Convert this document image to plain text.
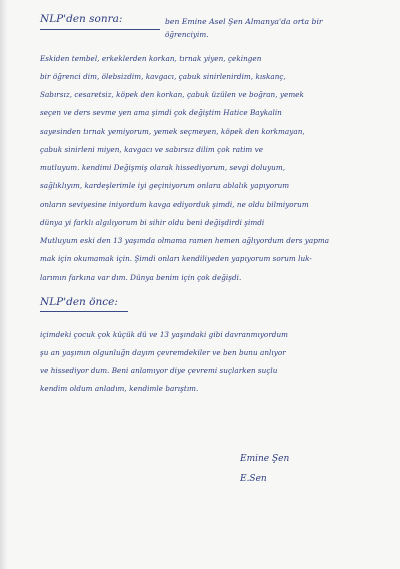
NLP'den sonra:	ben Emine Asel Şen Almanya'da orta bir
öğrenciyim.
Eskiden tembel, erkeklerden korkan, tırnak yiyen, çekingen
bir öğrenci dim, ölebsizdim, kavgacı, çabuk sinirlenirdim, kıskanç,
Sabırsız, cesaretsiz, köpek den korkan, çabuk üzülen ve boğran, yemek
seçen ve ders sevme yen ama şimdi çok değiştim Hatice Baykalin
sayesinden tırnak yemiyorum, yemek seçmeyen, köpek den korkmayan,
çabuk sinirleni miyen, kavgacı ve sabırsız dilim çok ratim ve
mutluyum. kendimi Değişmiş olarak hissediyorum, sevgi doluyum,
sağlıklıyım, kardeşlerimle iyi geçiniyorum onlara ablalık yapıyorum
onların seviyesine iniyordum kavga ediyorduk şimdi, ne oldu bilmiyorum
dünya yi farklı algılıyorum bi sihir oldu beni değişdirdi şimdi
Mutluyum eski den 13 yaşımda olmama ramen hemen ağlıyordum ders yapma
mak için okumamak için. Şimdi onları kendiliyeden yapıyorum sorum luk-
larımın farkına var dım. Dünya benim için çok değişdi.
NLP'den önce:
içimdeki çocuk çok küçük dü ve 13 yaşındaki gibi davranmıyordum
şu an yaşımın olgunluğn dayım çevremdekiler ve ben bunu anlıyor
ve hissediyor dum. Beni anlamıyor diye çevremi suçlarken suçlu
kendim oldum anladım, kendimle barıştım.
Emine Şen
E.Sen
